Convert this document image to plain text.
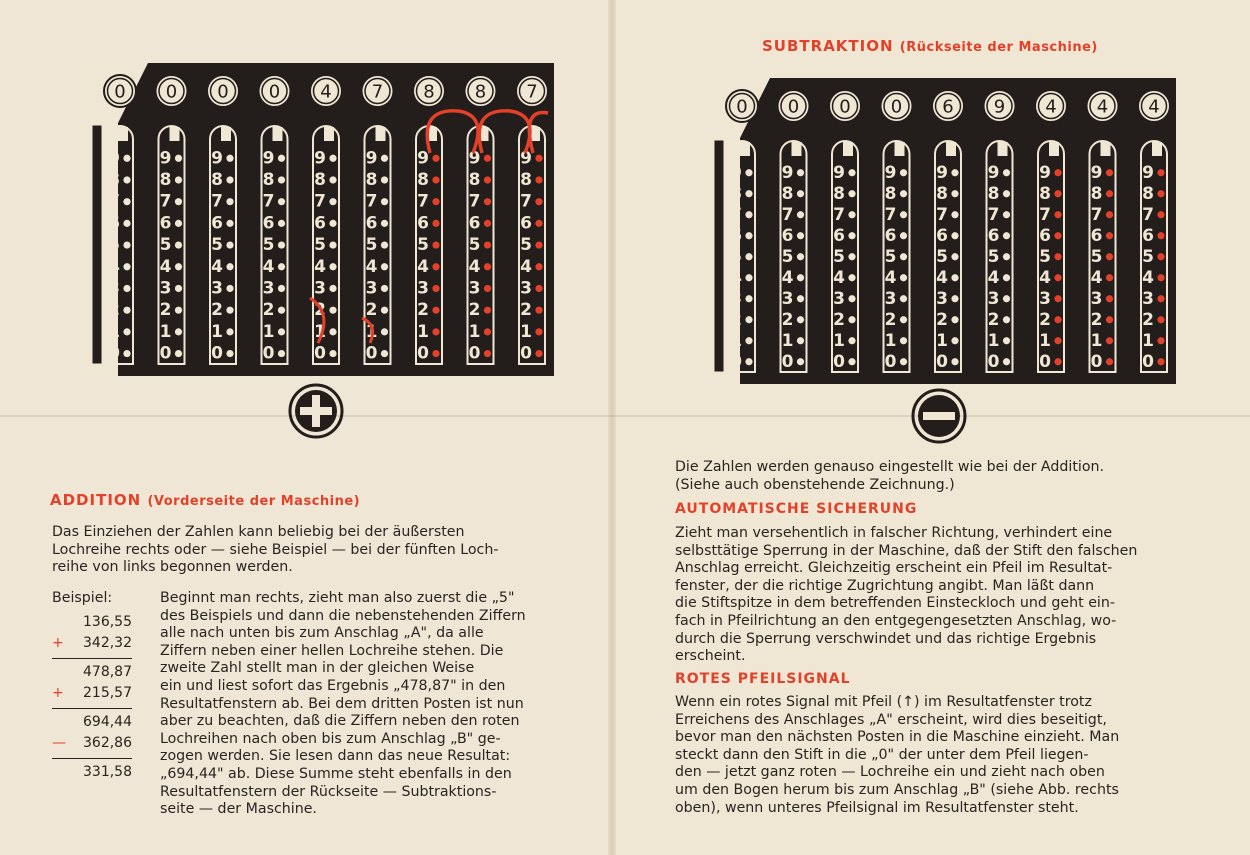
0 0 0 0 4 7 8 8 7
9
8
7
6
5
4
3
2
1
0
9
8
7
6
5
4
3
2
1
0
9
8
7
6
5
4
3
2
1
0
9
8
7
6
5
4
3
2
1
0
9
8
7
6
5
4
3
2
1
0
9
8
7
6
5
4
3
2
1
0
9
8
7
6
5
4
3
2
1
0
9
8
7
6
5
4
3
2
1
0
9
8
7
6
5
4
3
2
1
0
0 0 0 0 6 9 4 4 4
9
8
7
6
5
4
3
2
1
0
9
8
7
6
5
4
3
2
1
0
9
8
7
6
5
4
3
2
1
0
9
8
7
6
5
4
3
2
1
0
9
8
7
6
5
4
3
2
1
0
9
8
7
6
5
4
3
2
1
0
9
8
7
6
5
4
3
2
1
0
9
8
7
6
5
4
3
2
1
0
9
8
7
6
5
4
3
2
1
0
ADDITION (Vorderseite der Maschine)
Das Einziehen der Zahlen kann beliebig bei der äußersten
Lochreihe rechts oder — siehe Beispiel — bei der fünften Loch-
reihe von links begonnen werden.
Beispiel:
136,55
+	342,32
478,87
+	215,57
694,44
— 362,86
331,58
Beginnt man rechts, zieht man also zuerst die „5"
des Beispiels und dann die nebenstehenden Ziffern
alle nach unten bis zum Anschlag „A", da alle
Ziffern neben einer hellen Lochreihe stehen. Die
zweite Zahl stellt man in der gleichen Weise
ein und liest sofort das Ergebnis „478,87" in den
Resultatfenstern ab. Bei dem dritten Posten ist nun
aber zu beachten, daß die Ziffern neben den roten
Lochreihen nach oben bis zum Anschlag „B" ge-
zogen werden. Sie lesen dann das neue Resultat:
„694,44" ab. Diese Summe steht ebenfalls in den
Resultatfenstern der Rückseite — Subtraktions-
seite — der Maschine.
SUBTRAKTION (Rückseite der Maschine)
Die Zahlen werden genauso eingestellt wie bei der Addition.
(Siehe auch obenstehende Zeichnung.)
AUTOMATISCHE SICHERUNG
Zieht man versehentlich in falscher Richtung, verhindert eine
selbsttätige Sperrung in der Maschine, daß der Stift den falschen
Anschlag erreicht. Gleichzeitig erscheint ein Pfeil im Resultat-
fenster, der die richtige Zugrichtung angibt. Man läßt dann
die Stiftspitze in dem betreffenden Einsteckloch und geht ein-
fach in Pfeilrichtung an den entgegengesetzten Anschlag, wo-
durch die Sperrung verschwindet und das richtige Ergebnis
erscheint.
ROTES PFEILSIGNAL
Wenn ein rotes Signal mit Pfeil (↑) im Resultatfenster trotz
Erreichens des Anschlages „A" erscheint, wird dies beseitigt,
bevor man den nächsten Posten in die Maschine einzieht. Man
steckt dann den Stift in die „0" der unter dem Pfeil liegen-
den — jetzt ganz roten — Lochreihe ein und zieht nach oben
um den Bogen herum bis zum Anschlag „B" (siehe Abb. rechts
oben), wenn unteres Pfeilsignal im Resultatfenster steht.
